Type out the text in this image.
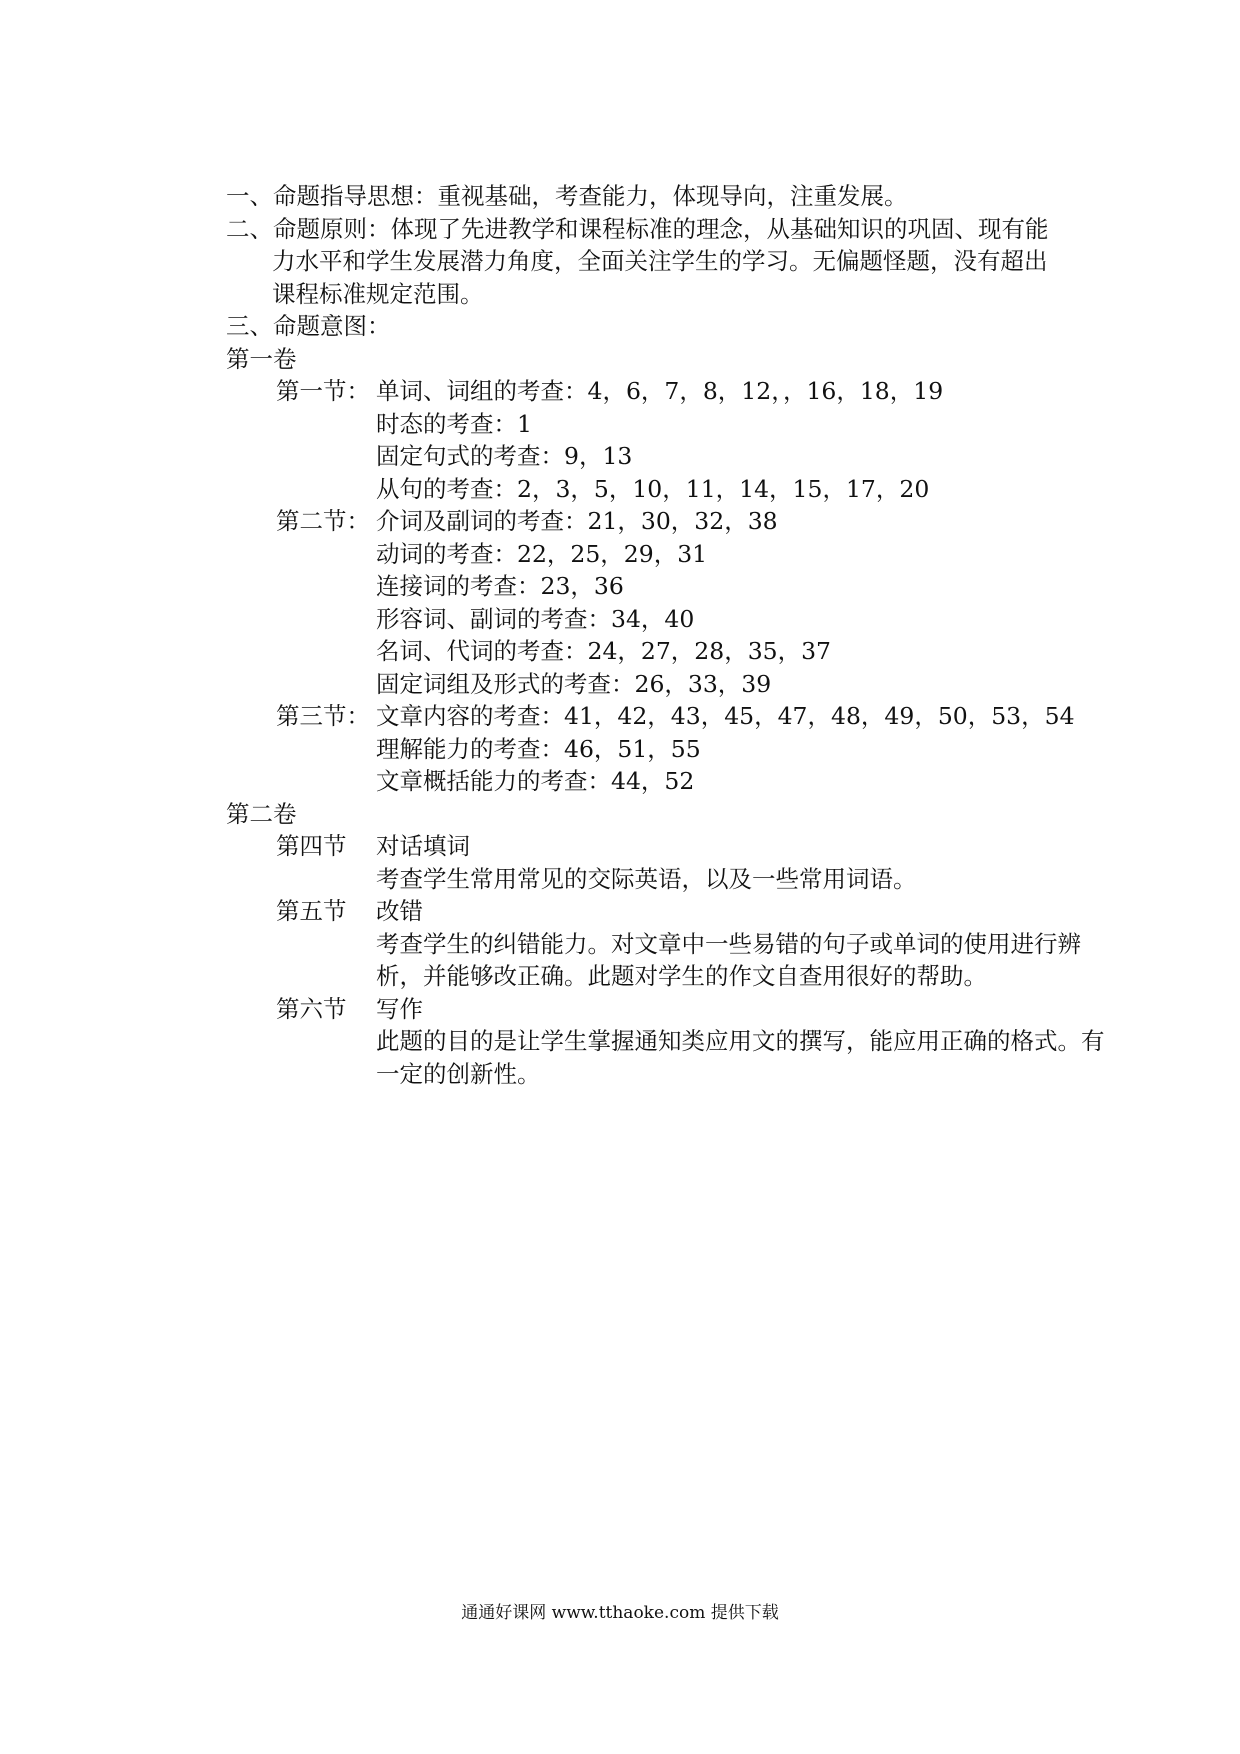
一、命题指导思想：重视基础，考查能力，体现导向，注重发展。
二、命题原则：体现了先进教学和课程标准的理念，从基础知识的巩固、现有能力水平和学生发展潜力角度，全面关注学生的学习。无偏题怪题，没有超出课程标准规定范围。
三、命题意图：
第一卷
第一节： 单词、词组的考查：4，6，7，8，12，，16，18，19
时态的考查：1
固定句式的考查：9，13
从句的考查：2，3，5，10，11，14，15，17，20
第二节： 介词及副词的考查：21，30，32，38
动词的考查：22，25，29，31
连接词的考查：23，36
形容词、副词的考查：34，40
名词、代词的考查：24，27，28，35，37
固定词组及形式的考查：26，33，39
第三节： 文章内容的考查：41，42，43，45，47，48，49，50，53，54
理解能力的考查：46，51，55
文章概括能力的考查：44，52
第二卷
第四节	对话填词
考查学生常用常见的交际英语，以及一些常用词语。
第五节	改错
考查学生的纠错能力。对文章中一些易错的句子或单词的使用进行辨析，并能够改正确。此题对学生的作文自查用很好的帮助。
第六节	写作
此题的目的是让学生掌握通知类应用文的撰写，能应用正确的格式。有一定的创新性。
通通好课网 www.tthaoke.com 提供下载
